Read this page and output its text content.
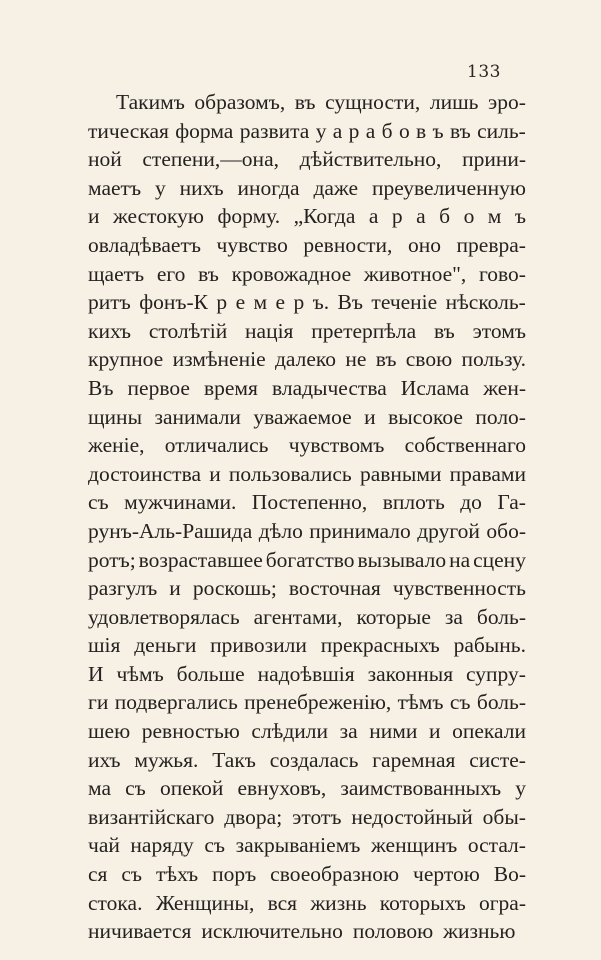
133
Такимъ образомъ, въ сущности, лишь эро-
тическая форма развита у а р а б о в ъ въ силь-
ной степени,—она, дѣйствительно, прини-
маетъ у нихъ иногда даже преувеличенную
и жестокую форму. „Когда а р а б о м ъ
овладѣваетъ чувство ревности, оно превра-
щаетъ его въ кровожадное животное", гово-
ритъ фонъ-К р е м е р ъ. Въ теченіе нѣсколь-
кихъ столѣтій нація претерпѣла въ этомъ
крупное измѣненіе далеко не въ свою пользу.
Въ первое время владычества Ислама жен-
щины занимали уважаемое и высокое поло-
женіе, отличались чувствомъ собственнаго
достоинства и пользовались равными правами
съ мужчинами. Постепенно, вплоть до Га-
рунъ-Аль-Рашида дѣло принимало другой обо-
ротъ; возраставшее богатство вызывало на сцену
разгулъ и роскошь; восточная чувственность
удовлетворялась агентами, которые за боль-
шія деньги привозили прекрасныхъ рабынь.
И чѣмъ больше надоѣвшія законныя супру-
ги подвергались пренебреженію, тѣмъ съ боль-
шею ревностью слѣдили за ними и опекали
ихъ мужья. Такъ создалась гаремная систе-
ма съ опекой евнуховъ, заимствованныхъ у
византійскаго двора; этотъ недостойный обы-
чай наряду съ закрываніемъ женщинъ остал-
ся съ тѣхъ поръ своеобразною чертою Во-
стока. Женщины, вся жизнь которыхъ огра-
ничивается исключительно половою жизнью
